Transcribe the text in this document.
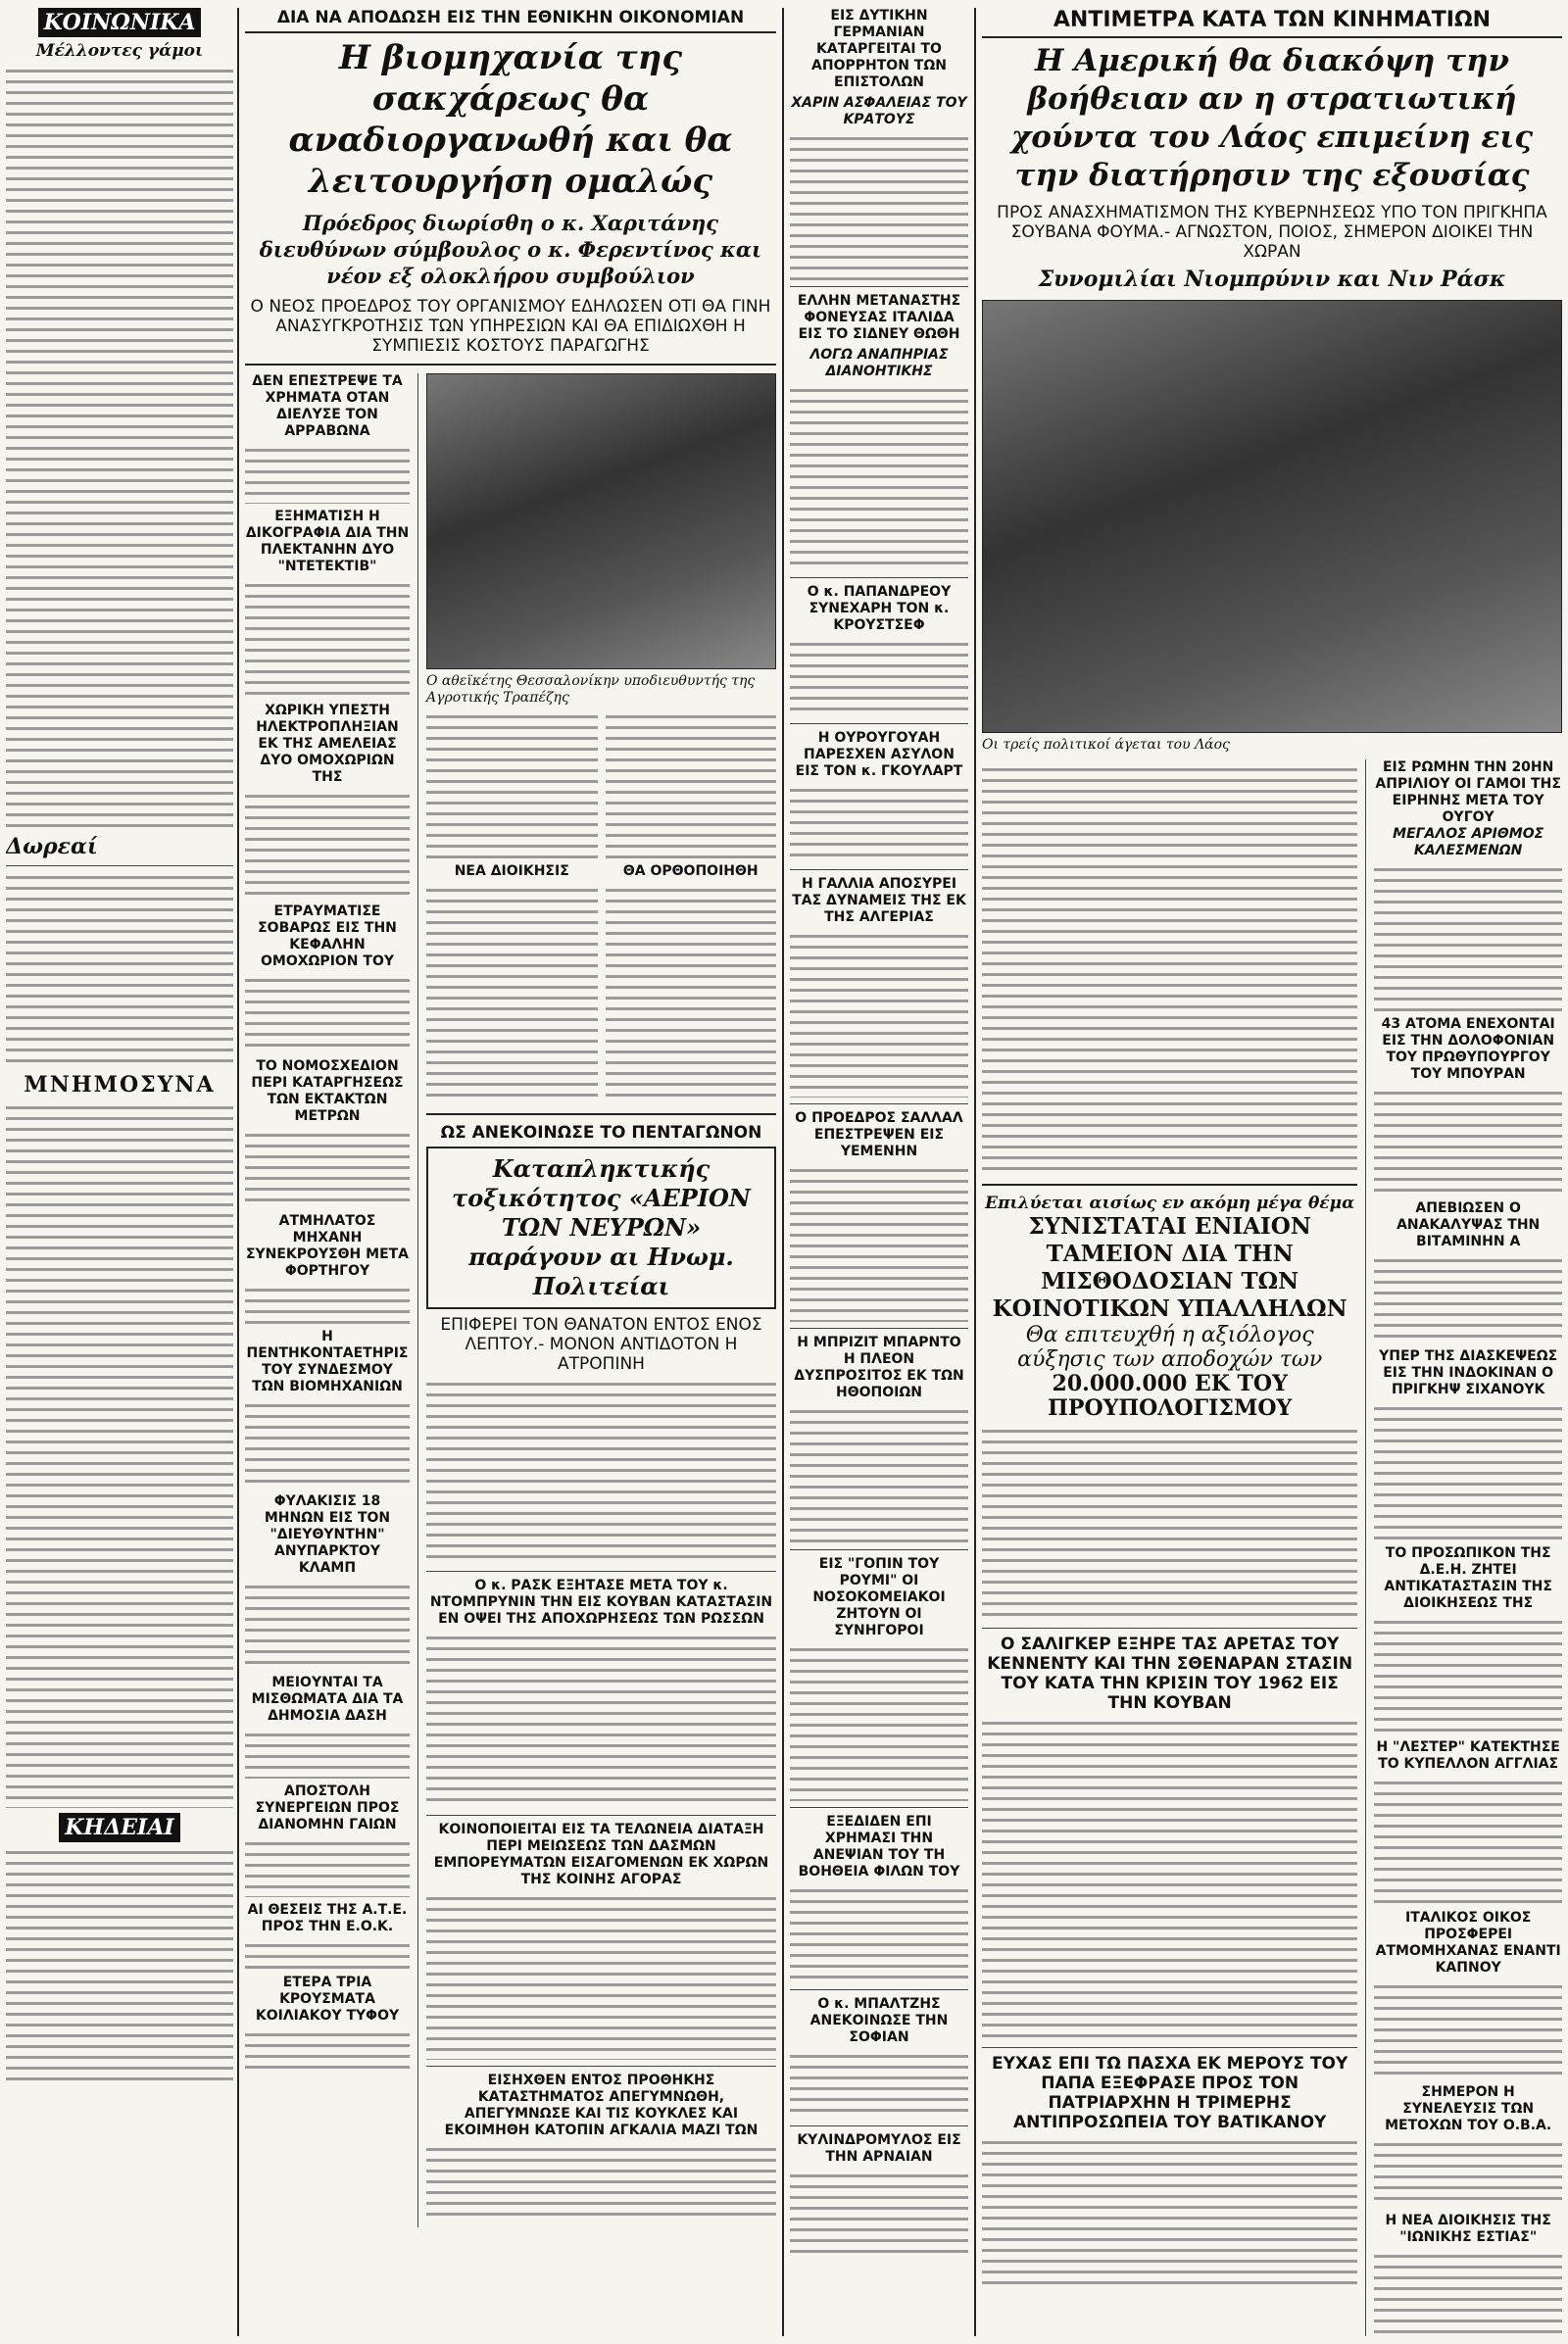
ΚΟΙΝΩΝΙΚΑ
Μέλλοντες γάμοι
Δωρεαί
ΜΝΗΜΟΣΥΝΑ
ΚΗΔΕΙΑΙ
ΔΙΑ ΝΑ ΑΠΟΔΩΣΗ ΕΙΣ ΤΗΝ ΕΘΝΙΚΗΝ ΟΙΚΟΝΟΜΙΑΝ
Η βιομηχανία της σακχάρεως θα αναδιοργανωθή και θα λειτουργήση ομαλώς
Πρόεδρος διωρίσθη ο κ. Χαριτάνης διευθύνων σύμβουλος ο κ. Φερεντίνος και νέον εξ ολοκλήρου συμβούλιον
Ο ΝΕΟΣ ΠΡΟΕΔΡΟΣ ΤΟΥ ΟΡΓΑΝΙΣΜΟΥ ΕΔΗΛΩΣΕΝ ΟΤΙ ΘΑ ΓΙΝΗ ΑΝΑΣΥΓΚΡΟΤΗΣΙΣ ΤΩΝ ΥΠΗΡΕΣΙΩΝ ΚΑΙ ΘΑ ΕΠΙΔΙΩΧΘΗ Η ΣΥΜΠΙΕΣΙΣ ΚΟΣΤΟΥΣ ΠΑΡΑΓΩΓΗΣ
ΔΕΝ ΕΠΕΣΤΡΕΨΕ ΤΑ ΧΡΗΜΑΤΑ ΟΤΑΝ ΔΙΕΛΥΣΕ ΤΟΝ ΑΡΡΑΒΩΝΑ
ΕΞΗΜΑΤΙΣΗ Η ΔΙΚΟΓΡΑΦΙΑ ΔΙΑ ΤΗΝ ΠΛΕΚΤΑΝΗΝ ΔΥΟ "ΝΤΕΤΕΚΤΙΒ"
ΧΩΡΙΚΗ ΥΠΕΣΤΗ ΗΛΕΚΤΡΟΠΛΗΞΙΑΝ ΕΚ ΤΗΣ ΑΜΕΛΕΙΑΣ ΔΥΟ ΟΜΟΧΩΡΙΩΝ ΤΗΣ
ΕΤΡΑΥΜΑΤΙΣΕ ΣΟΒΑΡΩΣ ΕΙΣ ΤΗΝ ΚΕΦΑΛΗΝ ΟΜΟΧΩΡΙΟΝ ΤΟΥ
ΤΟ ΝΟΜΟΣΧΕΔΙΟΝ ΠΕΡΙ ΚΑΤΑΡΓΗΣΕΩΣ ΤΩΝ ΕΚΤΑΚΤΩΝ ΜΕΤΡΩΝ
ΑΤΜΗΛΑΤΟΣ ΜΗΧΑΝΗ ΣΥΝΕΚΡΟΥΣΘΗ ΜΕΤΑ ΦΟΡΤΗΓΟΥ
Η ΠΕΝΤΗΚΟΝΤΑΕΤΗΡΙΣ ΤΟΥ ΣΥΝΔΕΣΜΟΥ ΤΩΝ ΒΙΟΜΗΧΑΝΙΩΝ
ΦΥΛΑΚΙΣΙΣ 18 ΜΗΝΩΝ ΕΙΣ ΤΟΝ "ΔΙΕΥΘΥΝΤΗΝ" ΑΝΥΠΑΡΚΤΟΥ ΚΛΑΜΠ
ΜΕΙΟΥΝΤΑΙ ΤΑ ΜΙΣΘΩΜΑΤΑ ΔΙΑ ΤΑ ΔΗΜΟΣΙΑ ΔΑΣΗ
ΑΠΟΣΤΟΛΗ ΣΥΝΕΡΓΕΙΩΝ ΠΡΟΣ ΔΙΑΝΟΜΗΝ ΓΑΙΩΝ
ΑΙ ΘΕΣΕΙΣ ΤΗΣ Α.Τ.Ε. ΠΡΟΣ ΤΗΝ Ε.Ο.Κ.
ΕΤΕΡΑ ΤΡΙΑ ΚΡΟΥΣΜΑΤΑ ΚΟΙΛΙΑΚΟΥ ΤΥΦΟΥ
Ο αθεϊκέτης Θεσσαλονίκην υποδιευθυντής της Αγροτικής Τραπέζης
ΝΕΑ ΔΙΟΙΚΗΣΙΣ	ΘΑ ΟΡΘΟΠΟΙΗΘΗ
ΩΣ ΑΝΕΚΟΙΝΩΣΕ ΤΟ ΠΕΝΤΑΓΩΝΟΝ
Καταπληκτικής τοξικότητος «ΑΕΡΙΟΝ ΤΩΝ ΝΕΥΡΩΝ» παράγουν αι Ηνωμ. Πολιτείαι
ΕΠΙΦΕΡΕΙ ΤΟΝ ΘΑΝΑΤΟΝ ΕΝΤΟΣ ΕΝΟΣ ΛΕΠΤΟΥ.- ΜΟΝΟΝ ΑΝΤΙΔΟΤΟΝ Η ΑΤΡΟΠΙΝΗ
Ο κ. ΡΑΣΚ ΕΞΗΤΑΣΕ ΜΕΤΑ ΤΟΥ κ. ΝΤΟΜΠΡΥΝΙΝ ΤΗΝ ΕΙΣ ΚΟΥΒΑΝ ΚΑΤΑΣΤΑΣΙΝ ΕΝ ΟΨΕΙ ΤΗΣ ΑΠΟΧΩΡΗΣΕΩΣ ΤΩΝ ΡΩΣΣΩΝ
ΚΟΙΝΟΠΟΙΕΙΤΑΙ ΕΙΣ ΤΑ ΤΕΛΩΝΕΙΑ ΔΙΑΤΑΞΗ ΠΕΡΙ ΜΕΙΩΣΕΩΣ ΤΩΝ ΔΑΣΜΩΝ ΕΜΠΟΡΕΥΜΑΤΩΝ ΕΙΣΑΓΟΜΕΝΩΝ ΕΚ ΧΩΡΩΝ ΤΗΣ ΚΟΙΝΗΣ ΑΓΟΡΑΣ
ΕΙΣΗΧΘΕΝ ΕΝΤΟΣ ΠΡΟΘΗΚΗΣ ΚΑΤΑΣΤΗΜΑΤΟΣ ΑΠΕΓΥΜΝΩΘΗ, ΑΠΕΓΥΜΝΩΣΕ ΚΑΙ ΤΙΣ ΚΟΥΚΛΕΣ ΚΑΙ ΕΚΟΙΜΗΘΗ ΚΑΤΟΠΙΝ ΑΓΚΑΛΙΑ ΜΑΖΙ ΤΩΝ
ΕΙΣ ΔΥΤΙΚΗΝ ΓΕΡΜΑΝΙΑΝ ΚΑΤΑΡΓΕΙΤΑΙ ΤΟ ΑΠΟΡΡΗΤΟΝ ΤΩΝ ΕΠΙΣΤΟΛΩΝ
ΧΑΡΙΝ ΑΣΦΑΛΕΙΑΣ ΤΟΥ ΚΡΑΤΟΥΣ
ΕΛΛΗΝ ΜΕΤΑΝΑΣΤΗΣ ΦΟΝΕΥΣΑΣ ΙΤΑΛΙΔΑ ΕΙΣ ΤΟ ΣΙΔΝΕΥ ΘΩΘΗ
ΛΟΓΩ ΑΝΑΠΗΡΙΑΣ ΔΙΑΝΟΗΤΙΚΗΣ
Ο κ. ΠΑΠΑΝΔΡΕΟΥ ΣΥΝΕΧΑΡΗ ΤΟΝ κ. ΚΡΟΥΣΤΣΕΦ
Η ΟΥΡΟΥΓΟΥΑΗ ΠΑΡΕΣΧΕΝ ΑΣΥΛΟΝ ΕΙΣ ΤΟΝ κ. ΓΚΟΥΛΑΡΤ
Η ΓΑΛΛΙΑ ΑΠΟΣΥΡΕΙ ΤΑΣ ΔΥΝΑΜΕΙΣ ΤΗΣ ΕΚ ΤΗΣ ΑΛΓΕΡΙΑΣ
Ο ΠΡΟΕΔΡΟΣ ΣΑΛΛΑΛ ΕΠΕΣΤΡΕΨΕΝ ΕΙΣ ΥΕΜΕΝΗΝ
Η ΜΠΡΙΖΙΤ ΜΠΑΡΝΤΟ Η ΠΛΕΟΝ ΔΥΣΠΡΟΣΙΤΟΣ ΕΚ ΤΩΝ ΗΘΟΠΟΙΩΝ
ΕΙΣ "ΓΟΠΙΝ ΤΟΥ ΡΟΥΜΙ" ΟΙ ΝΟΣΟΚΟΜΕΙΑΚΟΙ ΖΗΤΟΥΝ ΟΙ ΣΥΝΗΓΟΡΟΙ
ΕΞΕΔΙΔΕΝ ΕΠΙ ΧΡΗΜΑΣΙ ΤΗΝ ΑΝΕΨΙΑΝ ΤΟΥ ΤΗ ΒΟΗΘΕΙΑ ΦΙΛΩΝ ΤΟΥ
Ο κ. ΜΠΑΛΤΖΗΣ ΑΝΕΚΟΙΝΩΣΕ ΤΗΝ ΣΟΦΙΑΝ
ΚΥΛΙΝΔΡΟΜΥΛΟΣ ΕΙΣ ΤΗΝ ΑΡΝΑΙΑΝ
ΑΝΤΙΜΕΤΡΑ ΚΑΤΑ ΤΩΝ ΚΙΝΗΜΑΤΙΩΝ
Η Αμερική θα διακόψη την βοήθειαν αν η στρατιωτική χούντα του Λάος επιμείνη εις την διατήρησιν της εξουσίας
ΠΡΟΣ ΑΝΑΣΧΗΜΑΤΙΣΜΟΝ ΤΗΣ ΚΥΒΕΡΝΗΣΕΩΣ ΥΠΟ ΤΟΝ ΠΡΙΓΚΗΠΑ ΣΟΥΒΑΝΑ ΦΟΥΜΑ.- ΑΓΝΩΣΤΟΝ, ΠΟΙΟΣ, ΣΗΜΕΡΟΝ ΔΙΟΙΚΕΙ ΤΗΝ ΧΩΡΑΝ
Συνομιλίαι Νιομπρύνιν και Νιν Ράσκ
Οι τρείς πολιτικοί άγεται του Λάος
Επιλύεται αισίως εν ακόμη μέγα θέμα
ΣΥΝΙΣΤΑΤΑΙ ΕΝΙΑΙΟΝ ΤΑΜΕΙΟΝ ΔΙΑ ΤΗΝ ΜΙΣΘΟΔΟΣΙΑΝ ΤΩΝ ΚΟΙΝΟΤΙΚΩΝ ΥΠΑΛΛΗΛΩΝ
Θα επιτευχθή η αξιόλογος
αύξησις των αποδοχών των
20.000.000 ΕΚ ΤΟΥ ΠΡΟΥΠΟΛΟΓΙΣΜΟΥ
Ο ΣΑΛΙΓΚΕΡ ΕΞΗΡΕ ΤΑΣ ΑΡΕΤΑΣ ΤΟΥ ΚΕΝΝΕΝΤΥ ΚΑΙ ΤΗΝ ΣΘΕΝΑΡΑΝ ΣΤΑΣΙΝ ΤΟΥ ΚΑΤΑ ΤΗΝ ΚΡΙΣΙΝ ΤΟΥ 1962 ΕΙΣ ΤΗΝ ΚΟΥΒΑΝ
ΕΥΧΑΣ ΕΠΙ ΤΩ ΠΑΣΧΑ ΕΚ ΜΕΡΟΥΣ ΤΟΥ ΠΑΠΑ ΕΞΕΦΡΑΣΕ ΠΡΟΣ ΤΟΝ ΠΑΤΡΙΑΡΧΗΝ Η ΤΡΙΜΕΡΗΣ ΑΝΤΙΠΡΟΣΩΠΕΙΑ ΤΟΥ ΒΑΤΙΚΑΝΟΥ
ΕΙΣ ΡΩΜΗΝ ΤΗΝ 20ΗΝ ΑΠΡΙΛΙΟΥ ΟΙ ΓΑΜΟΙ ΤΗΣ ΕΙΡΗΝΗΣ ΜΕΤΑ ΤΟΥ ΟΥΓΟΥ
ΜΕΓΑΛΟΣ ΑΡΙΘΜΟΣ ΚΑΛΕΣΜΕΝΩΝ
43 ΑΤΟΜΑ ΕΝΕΧΟΝΤΑΙ ΕΙΣ ΤΗΝ ΔΟΛΟΦΟΝΙΑΝ ΤΟΥ ΠΡΩΘΥΠΟΥΡΓΟΥ ΤΟΥ ΜΠΟΥΡΑΝ
ΑΠΕΒΙΩΣΕΝ Ο ΑΝΑΚΑΛΥΨΑΣ ΤΗΝ ΒΙΤΑΜΙΝΗΝ Α
ΥΠΕΡ ΤΗΣ ΔΙΑΣΚΕΨΕΩΣ ΕΙΣ ΤΗΝ ΙΝΔΟΚΙΝΑΝ Ο ΠΡΙΓΚΗΨ ΣΙΧΑΝΟΥΚ
ΤΟ ΠΡΟΣΩΠΙΚΟΝ ΤΗΣ Δ.Ε.Η. ΖΗΤΕΙ ΑΝΤΙΚΑΤΑΣΤΑΣΙΝ ΤΗΣ ΔΙΟΙΚΗΣΕΩΣ ΤΗΣ
Η "ΛΕΣΤΕΡ" ΚΑΤΕΚΤΗΣΕ ΤΟ ΚΥΠΕΛΛΟΝ ΑΓΓΛΙΑΣ
ΙΤΑΛΙΚΟΣ ΟΙΚΟΣ ΠΡΟΣΦΕΡΕΙ ΑΤΜΟΜΗΧΑΝΑΣ ΕΝΑΝΤΙ ΚΑΠΝΟΥ
ΣΗΜΕΡΟΝ Η ΣΥΝΕΛΕΥΣΙΣ ΤΩΝ ΜΕΤΟΧΩΝ ΤΟΥ Ο.Β.Α.
Η ΝΕΑ ΔΙΟΙΚΗΣΙΣ ΤΗΣ "ΙΩΝΙΚΗΣ ΕΣΤΙΑΣ"
